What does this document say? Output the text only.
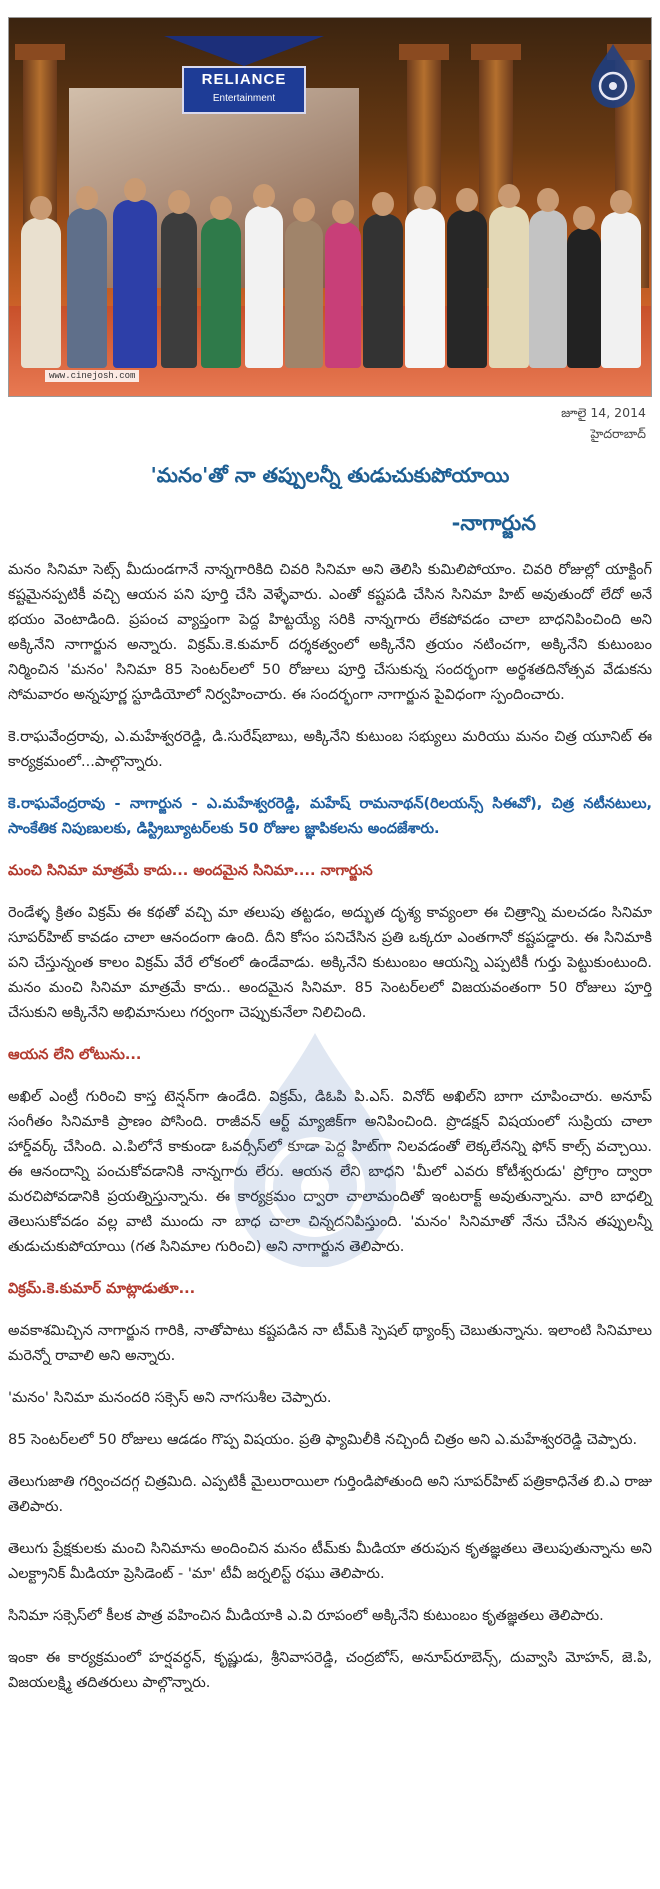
RELIANCE
Entertainment
www.cinejosh.com
జూలై 14, 2014
హైదరాబాద్
'మనం'తో నా తప్పులన్నీ తుడుచుకుపోయాయి
-నాగార్జున

మనం సినిమా సెట్స్ మీదుండగానే నాన్నగారికిది చివరి సినిమా అని తెలిసి కుమిలిపోయాం. చివరి రోజుల్లో యాక్టింగ్ కష్టమైనప్పటికీ వచ్చి ఆయన పని పూర్తి చేసి వెళ్ళేవారు. ఎంతో కష్టపడి చేసిన సినిమా హిట్ అవుతుందో లేదో అనే భయం వెంటాడింది. ప్రపంచ వ్యాప్తంగా పెద్ద హిట్టయ్యే సరికి నాన్నగారు లేకపోవడం చాలా బాధనిపించింది అని అక్కినేని నాగార్జున అన్నారు. విక్రమ్.కె.కుమార్ దర్శకత్వంలో అక్కినేని త్రయం నటించగా, అక్కినేని కుటుంబం నిర్మించిన 'మనం' సినిమా 85 సెంటర్‌లలో 50 రోజులు పూర్తి చేసుకున్న సందర్భంగా అర్థశతదినోత్సవ వేడుకను సోమవారం అన్నపూర్ణ స్టూడియోలో నిర్వహించారు. ఈ సందర్భంగా నాగార్జున పైవిధంగా స్పందించారు.

కె.రాఘవేంద్రరావు, ఎ.మహేశ్వరరెడ్డి, డి.సురేష్‌బాబు, అక్కినేని కుటుంబ సభ్యులు మరియు మనం చిత్ర యూనిట్ ఈ కార్యక్రమంలో...పాల్గొన్నారు.

కె.రాఘవేంద్రరావు - నాగార్జున - ఎ.మహేశ్వరరెడ్డి, మహేష్ రామనాథన్(రిలయన్స్ సిఈవో), చిత్ర నటీనటులు, సాంకేతిక నిపుణులకు, డిస్ట్రిబ్యూటర్‌లకు 50 రోజుల జ్ఞాపికలను అందజేశారు.

మంచి సినిమా మాత్రమే కాదు... అందమైన సినిమా.... నాగార్జున

రెండేళ్ళ క్రితం విక్రమ్ ఈ కథతో వచ్చి మా తలుపు తట్టడం, అద్భుత దృశ్య కావ్యంలా ఈ చిత్రాన్ని మలచడం సినిమా సూపర్‌హిట్ కావడం చాలా ఆనందంగా ఉంది. దీని కోసం పనిచేసిన ప్రతి ఒక్కరూ ఎంతగానో కష్టపడ్డారు. ఈ సినిమాకి పని చేస్తున్నంత కాలం విక్రమ్ వేరే లోకంలో ఉండేవాడు. అక్కినేని కుటుంబం ఆయన్ని ఎప్పటికీ గుర్తు పెట్టుకుంటుంది. మనం మంచి సినిమా మాత్రమే కాదు.. అందమైన సినిమా. 85 సెంటర్‌లలో విజయవంతంగా 50 రోజులు పూర్తి చేసుకుని అక్కినేని అభిమానులు గర్వంగా చెప్పుకునేలా నిలిచింది.

ఆయన లేని లోటును...

అఖిల్ ఎంట్రీ గురించి కాస్త టెన్షన్‌గా ఉండేది. విక్రమ్, డిఓపి పి.ఎస్. వినోద్ అఖిల్‌ని బాగా చూపించారు. అనూప్ సంగీతం సినిమాకి ప్రాణం పోసింది. రాజీవన్ ఆర్ట్ మ్యాజిక్‌గా అనిపించింది. ప్రొడక్షన్ విషయంలో సుప్రియ చాలా హార్డ్‌వర్క్ చేసింది. ఎ.పిలోనే కాకుండా ఓవర్సీస్‌లో కూడా పెద్ద హిట్‌గా నిలవడంతో లెక్కలేనన్ని ఫోన్ కాల్స్ వచ్చాయి. ఈ ఆనందాన్ని పంచుకోవడానికి నాన్నగారు లేరు. ఆయన లేని బాధని 'మీలో ఎవరు కోటీశ్వరుడు' ప్రోగ్రాం ద్వారా మరచిపోవడానికి ప్రయత్నిస్తున్నాను. ఈ కార్యక్రమం ద్వారా చాలామందితో ఇంటరాక్ట్ అవుతున్నాను. వారి బాధల్ని తెలుసుకోవడం వల్ల వాటి ముందు నా బాధ చాలా చిన్నదనిపిస్తుంది. 'మనం' సినిమాతో నేను చేసిన తప్పులన్నీ తుడుచుకుపోయాయి (గత సినిమాల గురించి) అని నాగార్జున తెలిపారు.

విక్రమ్.కె.కుమార్ మాట్లాడుతూ...

అవకాశమిచ్చిన నాగార్జున గారికి, నాతోపాటు కష్టపడిన నా టీమ్‌కి స్పెషల్ థ్యాంక్స్ చెబుతున్నాను. ఇలాంటి సినిమాలు మరెన్నో రావాలి అని అన్నారు.

'మనం' సినిమా మనందరి సక్సెస్ అని నాగసుశీల చెప్పారు.

85 సెంటర్‌లలో 50 రోజులు ఆడడం గొప్ప విషయం. ప్రతి ఫ్యామిలీకి నచ్చిందీ చిత్రం అని ఎ.మహేశ్వరరెడ్డి చెప్పారు.

తెలుగుజాతి గర్వించదగ్గ చిత్రమిది. ఎప్పటికీ మైలురాయిలా గుర్తిండిపోతుంది అని సూపర్‌హిట్ పత్రికాధినేత బి.ఎ రాజు తెలిపారు.

తెలుగు ప్రేక్షకులకు మంచి సినిమాను అందించిన మనం టీమ్‌కు మీడియా తరుపున కృతజ్ఞతలు తెలుపుతున్నాను అని ఎలక్ట్రానిక్ మీడియా ప్రెసిడెంట్ - 'మా' టీవీ జర్నలిస్ట్ రఘు తెలిపారు.

సినిమా సక్సెస్‌లో కీలక పాత్ర వహించిన మీడియాకి ఎ.వి రూపంలో అక్కినేని కుటుంబం కృతజ్ఞతలు తెలిపారు.

ఇంకా ఈ కార్యక్రమంలో హర్షవర్ధన్, కృష్ణుడు, శ్రీనివాసరెడ్డి, చంద్రబోస్, అనూప్‌రూబెన్స్, దువ్వాసి మోహన్, జె.పి, విజయలక్ష్మి తదితరులు పాల్గొన్నారు.
